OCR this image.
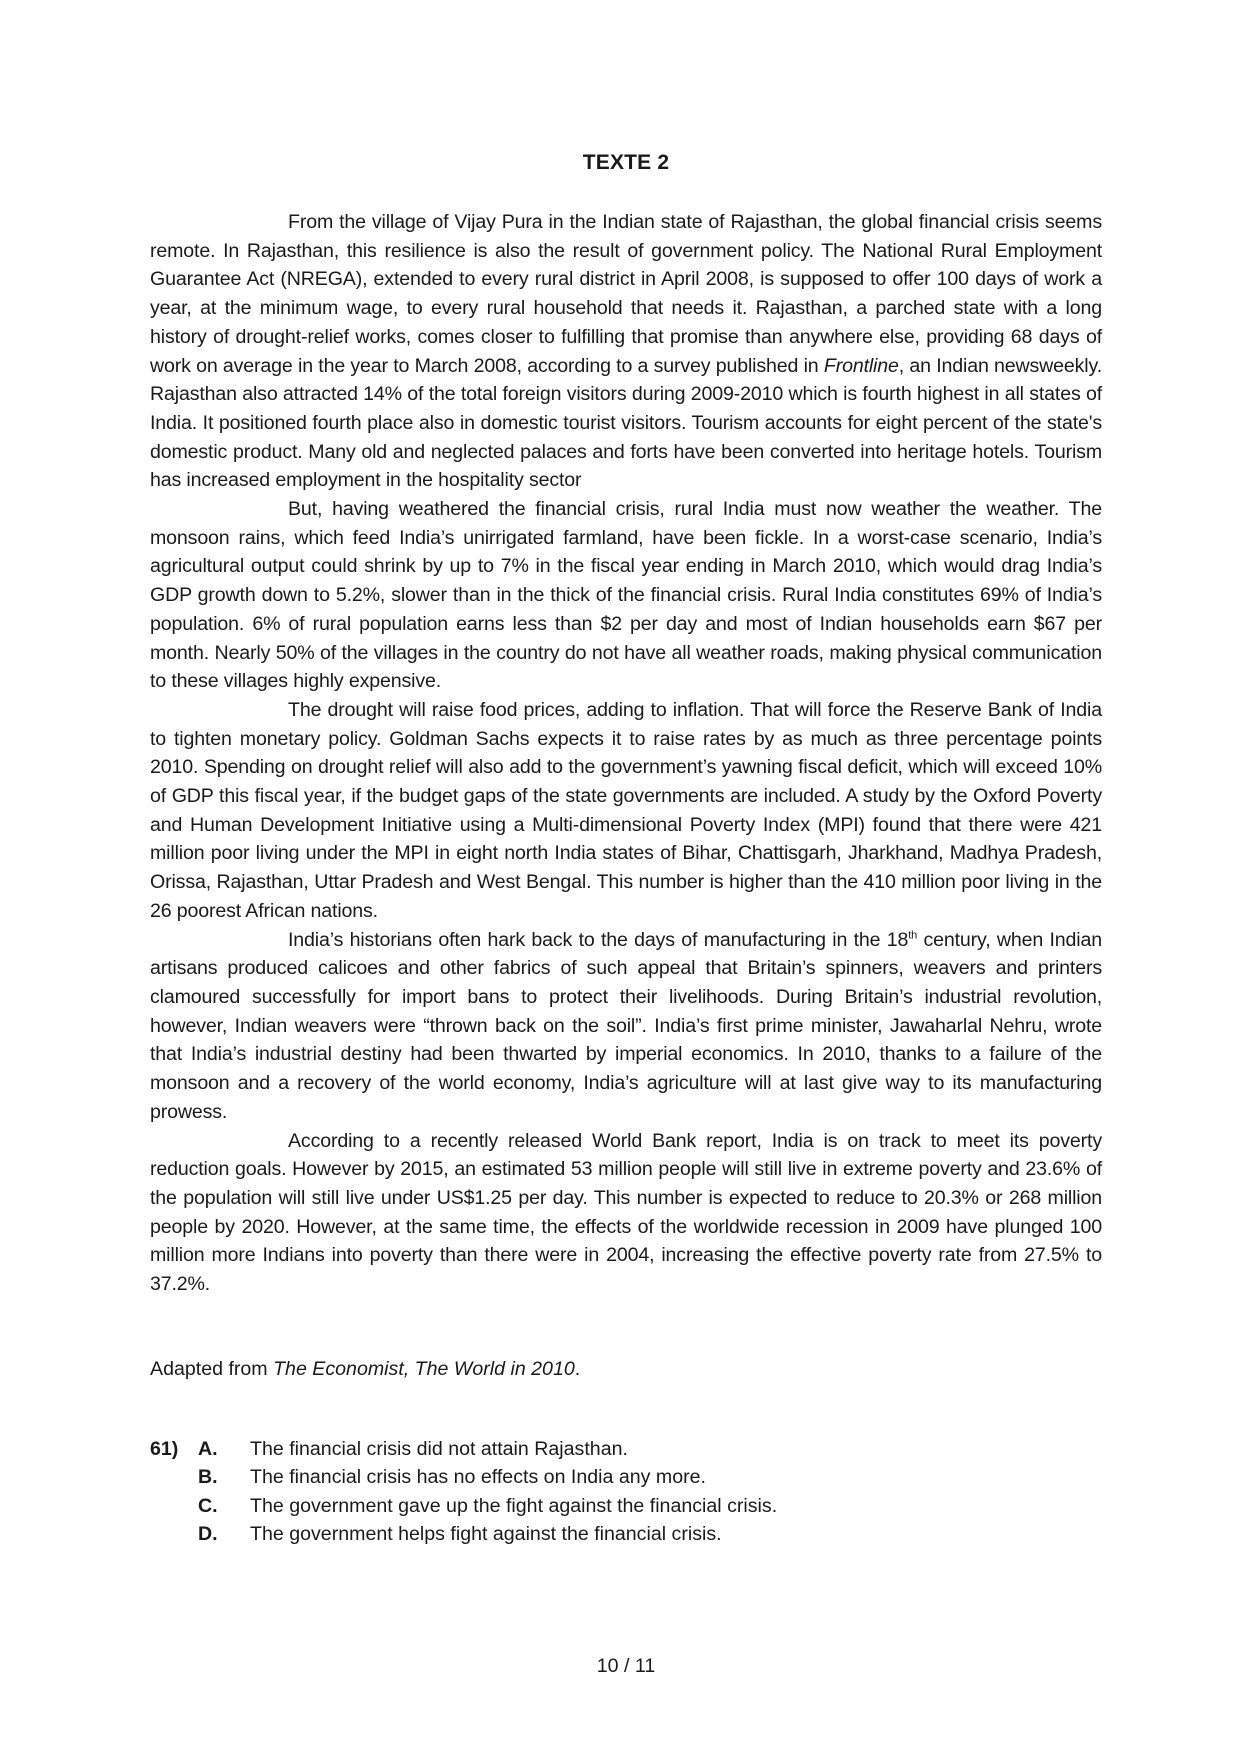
TEXTE 2

From the village of Vijay Pura in the Indian state of Rajasthan, the global financial crisis seems remote. In Rajasthan, this resilience is also the result of government policy. The National Rural Employment Guarantee Act (NREGA), extended to every rural district in April 2008, is supposed to offer 100 days of work a year, at the minimum wage, to every rural household that needs it. Rajasthan, a parched state with a long history of drought-relief works, comes closer to fulfilling that promise than anywhere else, providing 68 days of work on average in the year to March 2008, according to a survey published in Frontline, an Indian newsweekly. Rajasthan also attracted 14% of the total foreign visitors during 2009-2010 which is fourth highest in all states of India. It positioned fourth place also in domestic tourist visitors. Tourism accounts for eight percent of the state's domestic product. Many old and neglected palaces and forts have been converted into heritage hotels. Tourism has increased employment in the hospitality sector

But, having weathered the financial crisis, rural India must now weather the weather. The monsoon rains, which feed India’s unirrigated farmland, have been fickle. In a worst-case scenario, India’s agricultural output could shrink by up to 7% in the fiscal year ending in March 2010, which would drag India’s GDP growth down to 5.2%, slower than in the thick of the financial crisis. Rural India constitutes 69% of India’s population. 6% of rural population earns less than $2 per day and most of Indian households earn $67 per month. Nearly 50% of the villages in the country do not have all weather roads, making physical communication to these villages highly expensive.

The drought will raise food prices, adding to inflation. That will force the Reserve Bank of India to tighten monetary policy. Goldman Sachs expects it to raise rates by as much as three percentage points 2010. Spending on drought relief will also add to the government’s yawning fiscal deficit, which will exceed 10% of GDP this fiscal year, if the budget gaps of the state governments are included. A study by the Oxford Poverty and Human Development Initiative using a Multi-dimensional Poverty Index (MPI) found that there were 421 million poor living under the MPI in eight north India states of Bihar, Chattisgarh, Jharkhand, Madhya Pradesh, Orissa, Rajasthan, Uttar Pradesh and West Bengal. This number is higher than the 410 million poor living in the 26 poorest African nations.

India’s historians often hark back to the days of manufacturing in the 18th century, when Indian artisans produced calicoes and other fabrics of such appeal that Britain’s spinners, weavers and printers clamoured successfully for import bans to protect their livelihoods. During Britain’s industrial revolution, however, Indian weavers were “thrown back on the soil”. India’s first prime minister, Jawaharlal Nehru, wrote that India’s industrial destiny had been thwarted by imperial economics. In 2010, thanks to a failure of the monsoon and a recovery of the world economy, India’s agriculture will at last give way to its manufacturing prowess.

According to a recently released World Bank report, India is on track to meet its poverty reduction goals. However by 2015, an estimated 53 million people will still live in extreme poverty and 23.6% of the population will still live under US$1.25 per day. This number is expected to reduce to 20.3% or 268 million people by 2020. However, at the same time, the effects of the worldwide recession in 2009 have plunged 100 million more Indians into poverty than there were in 2004, increasing the effective poverty rate from 27.5% to 37.2%.

Adapted from The Economist, The World in 2010.
61)	A.	The financial crisis did not attain Rajasthan.
B.	The financial crisis has no effects on India any more.
C.	The government gave up the fight against the financial crisis.
D.	The government helps fight against the financial crisis.
10 / 11
